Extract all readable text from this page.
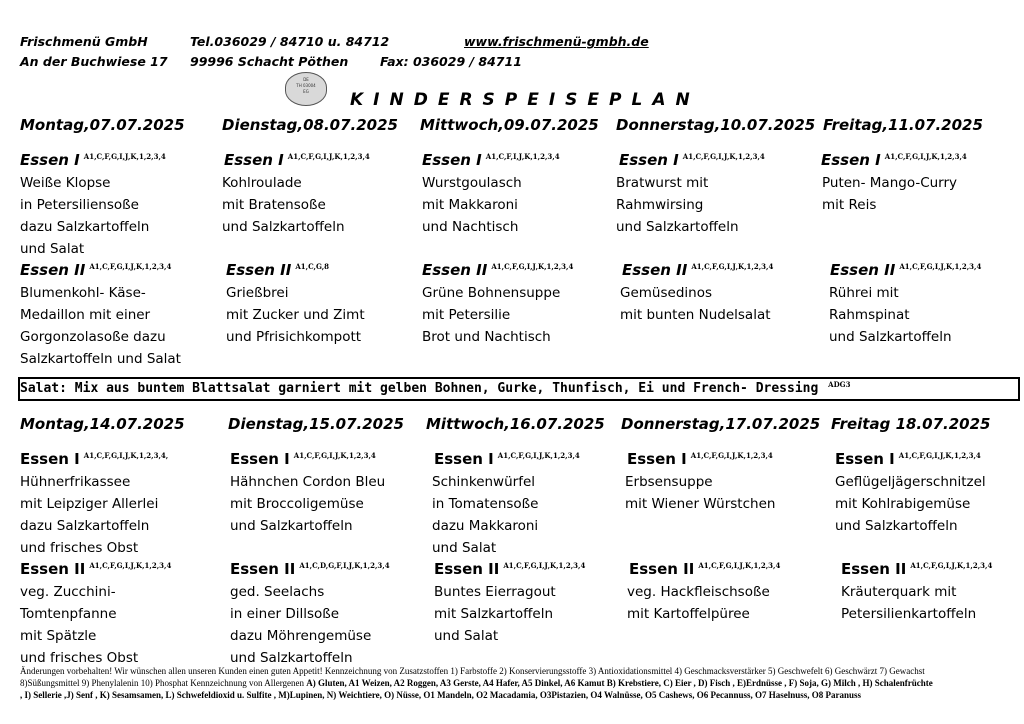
Frischmenü GmbH	Tel.036029 / 84710 u. 84712	www.frischmenü-gmbh.de
An der Buchwiese 17 99996 Schacht Pöthen	Fax: 036029 / 84711
DE
TH 03004
EG	KINDERSPEISEPLAN
Montag,07.07.2025
Essen I $^{A1,C,F,G,I,J,K,1,2,3,4}$
Weiße Klopse
in Petersiliensoße
dazu Salzkartoffeln
und Salat
Essen II $^{A1,C,F,G,I,J,K,1,2,3,4}$
Blumenkohl- Käse-
Medaillon mit einer
Gorgonzolasoße dazu
Salzkartoffeln und Salat
Dienstag,08.07.2025
Essen I $^{A1,C,F,G,I,J,K,1,2,3,4}$
Kohlroulade
mit Bratensoße
und Salzkartoffeln
Essen II $^{A1,C,G,8}$
Grießbrei
mit Zucker und Zimt
und Pfrisichkompott
Mittwoch,09.07.2025
Essen I $^{A1,C,F,I,J,K,1,2,3,4}$
Wurstgoulasch
mit Makkaroni
und Nachtisch
Essen II $^{A1,C,F,G,I,J,K,1,2,3,4}$
Grüne Bohnensuppe
mit Petersilie
Brot und Nachtisch
Donnerstag,10.07.2025
Essen I $^{A1,C,F,G,I,J,K,1,2,3,4}$
Bratwurst mit
Rahmwirsing
und Salzkartoffeln
Essen II $^{A1,C,F,G,I,J,K,1,2,3,4}$
Gemüsedinos
mit bunten Nudelsalat
Freitag,11.07.2025
Essen I $^{A1,C,F,G,I,J,K,1,2,3,4}$
Puten- Mango-Curry
mit Reis
Essen II $^{A1,C,F,G,I,J,K,1,2,3,4}$
Rührei mit
Rahmspinat
und Salzkartoffeln
Montag,14.07.2025
Essen I $^{A1,C,F,G,I,J,K,1,2,3,4,}$
Hühnerfrikassee
mit Leipziger Allerlei
dazu Salzkartoffeln
und frisches Obst
Essen II $^{A1,C,F,G,I,J,K,1,2,3,4}$
veg. Zucchini-
Tomtenpfanne
mit Spätzle
und frisches Obst
Dienstag,15.07.2025
Essen I $^{A1,C,F,G,I,J,K,1,2,3,4}$
Hähnchen Cordon Bleu
mit Broccoligemüse
und Salzkartoffeln
Essen II $^{A1,C,D,G,F,I,J,K,1,2,3,4}$
ged. Seelachs
in einer Dillsoße
dazu Möhrengemüse
und Salzkartoffeln
Mittwoch,16.07.2025
Essen I $^{A1,C,F,G,I,J,K,1,2,3,4}$
Schinkenwürfel
in Tomatensoße
dazu Makkaroni
und Salat
Essen II $^{A1,C,F,G,I,J,K,1,2,3,4}$
Buntes Eierragout
mit Salzkartoffeln
und Salat
Donnerstag,17.07.2025
Essen I $^{A1,C,F,G,I,J,K,1,2,3,4}$
Erbsensuppe
mit Wiener Würstchen
Essen II $^{A1,C,F,G,I,J,K,1,2,3,4}$
veg. Hackfleischsoße
mit Kartoffelpüree
Freitag 18.07.2025
Essen I $^{A1,C,F,G,I,J,K,1,2,3,4}$
Geflügeljägerschnitzel
mit Kohlrabigemüse
und Salzkartoffeln
Essen II $^{A1,C,F,G,I,J,K,1,2,3,4}$
Kräuterquark mit
Petersilienkartoffeln
Salat: Mix aus buntem Blattsalat garniert mit gelben Bohnen, Gurke, Thunfisch, Ei und French- Dressing $^{ADG3}$
Änderungen vorbehalten! Wir wünschen allen unseren Kunden einen guten Appetit! Kennzeichnung von Zusatzstoffen 1) Farbstoffe 2) Konservierungsstoffe 3) Antioxidationsmittel 4) Geschmacksverstärker 5) Geschwefelt 6) Geschwärzt 7) Gewachst
8)Süßungsmittel 9) Phenylalenin 10) Phosphat Kennzeichnung von Allergenen A) Gluten, A1 Weizen, A2 Roggen, A3 Gerste, A4 Hafer, A5 Dinkel, A6 Kamut B) Krebstiere, C) Eier , D) Fisch , E)Erdnüsse , F) Soja, G) Milch , H) Schalenfrüchte
, I) Sellerie ,J) Senf , K) Sesamsamen, L) Schwefeldioxid u. Sulfite , M)Lupinen, N) Weichtiere, O) Nüsse, O1 Mandeln, O2 Macadamia, O3Pistazien, O4 Walnüsse, O5 Cashews, O6 Pecannuss, O7 Haselnuss, O8 Paranuss
